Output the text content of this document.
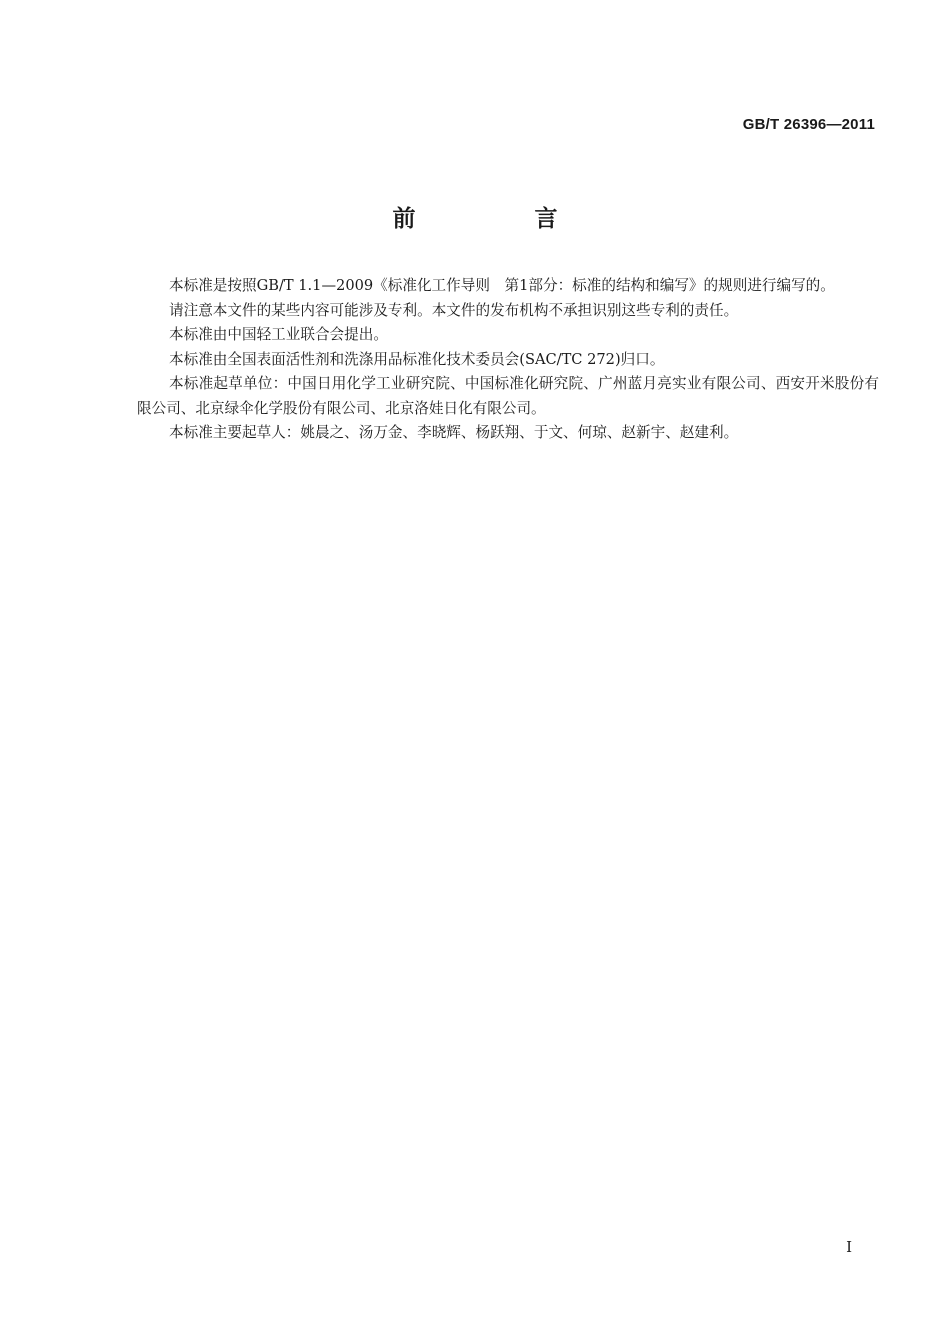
GB/T 26396—2011
前　言

本标准是按照GB/T 1.1—2009《标准化工作导则　第1部分：标准的结构和编写》的规则进行编写的。

请注意本文件的某些内容可能涉及专利。本文件的发布机构不承担识别这些专利的责任。

本标准由中国轻工业联合会提出。

本标准由全国表面活性剂和洗涤用品标准化技术委员会(SAC/TC 272)归口。

本标准起草单位：中国日用化学工业研究院、中国标准化研究院、广州蓝月亮实业有限公司、西安开米股份有限公司、北京绿伞化学股份有限公司、北京洛娃日化有限公司。

本标准主要起草人：姚晨之、汤万金、李晓辉、杨跃翔、于文、何琼、赵新宇、赵建利。

I
